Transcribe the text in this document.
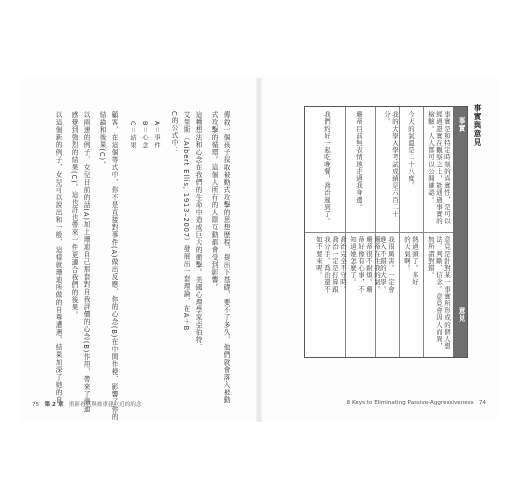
傳敘一個孩子採取被動式攻擊的思想歷程，提出下基礎，要不了多久，他們就會落入被動
式攻擊的循環。這個人所有的人際互動都會受到影響。
這種想法和心念在我們的生命中造成巨大的衝擊。美國心理學家亞伯特．
艾里斯（Albert Ellis, 1913–2007）發展出一套理論，在A＋B
C的公式中：
A＝事件
B＝心念
C＝結果
顧客，在這個等式中，你不是直接對事件(A)做出反應，你的心念(B)在中間作梗，影響了你的
結論和後果(C)。
以兩速的例子，女兒目前的話(A)加上珊迪自己那套對自我評價的心念(B)作用，帶來了珊迪
感覺到強烈的結果(C)。這也許也帶來一件更適合我們的後果。
以這個新的例子，女兒可以說出和一般，這樣就珊迪所做的自尊遭遇、結果加深了她的自
75 第 2 章 重新看已與被重建立近的的念
事實與意見
事實
意見
事實是和特定時刻的真實性，是可以經過證實在觀察之上，能通過事實的檢驗。人人都可以公開確認。
意見是針對某一事實所形成的個人想法、判斷、信念。意見會因人而異，無所謂對錯。
今天的氣溫是二十八度。
熱過頭了。多好的天氣啊！
我的大學入學考試成績是六百二十分。
我很厲害。一定會進入不錯的大學。
珊蒂目前無表情地走過我身邊。
珊蒂在生我的氣。珊蒂很不耐煩。珊蒂好像有心事，不知道她怎麼了。
我們約好一起吃晚餐，喬治遲到了。
喬治完全不守時。喬治一定是打算跟我分手。喬治還不如不要來呢。
8 Keys to Eliminating Passive-Aggressiveness 74
